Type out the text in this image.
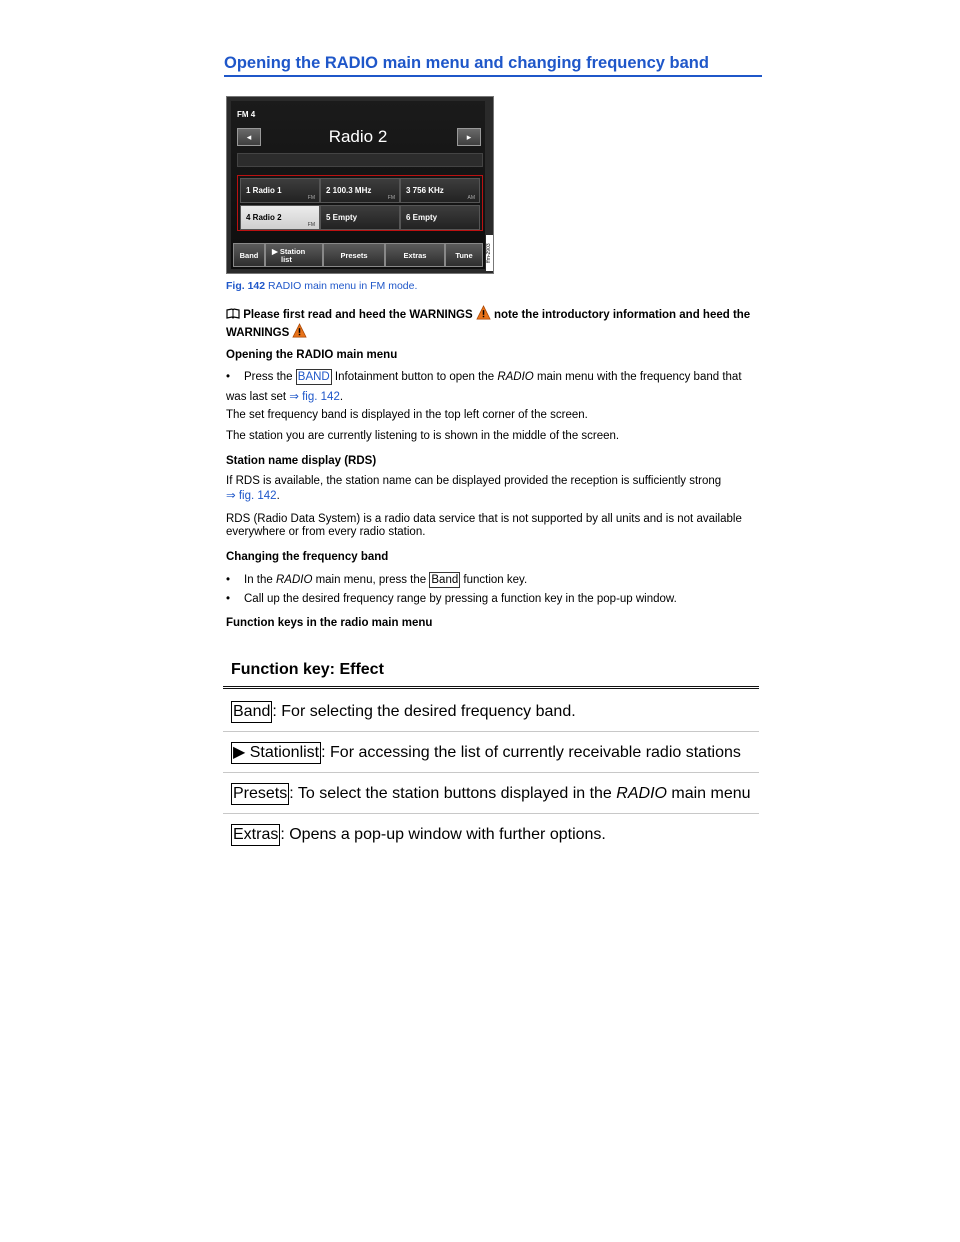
Opening the RADIO main menu and changing frequency band
FM 4
◂	Radio 2	▸
1 Radio 1
FM
2 100.3 MHz
FM
3 756 KHz
AM
4 Radio 2
FM
5 Empty	6 Empty
Band	▶ Station
list	Presets	Extras	Tune	ffm-2903
Fig. 142 RADIO main menu in FM mode.
Please first read and heed the WARNINGS  note the introductory information and heed the WARNINGS
Opening the RADIO main menu
• Press the BAND Infotainment button to open the RADIO main menu with the frequency band that
was last set ⇒ fig. 142.
The set frequency band is displayed in the top left corner of the screen.
The station you are currently listening to is shown in the middle of the screen.
Station name display (RDS)
If RDS is available, the station name can be displayed provided the reception is sufficiently strong
⇒ fig. 142.
RDS (Radio Data System) is a radio data service that is not supported by all units and is not available everywhere or from every radio station.
Changing the frequency band
• In the RADIO main menu, press the Band function key.
• Call up the desired frequency range by pressing a function key in the pop-up window.
Function keys in the radio main menu
Function key: Effect
Band : For selecting the desired frequency band.
▶ Stationlist : For accessing the list of currently receivable radio stations
Presets : To select the station buttons displayed in the RADIO main menu
Extras : Opens a pop-up window with further options.
